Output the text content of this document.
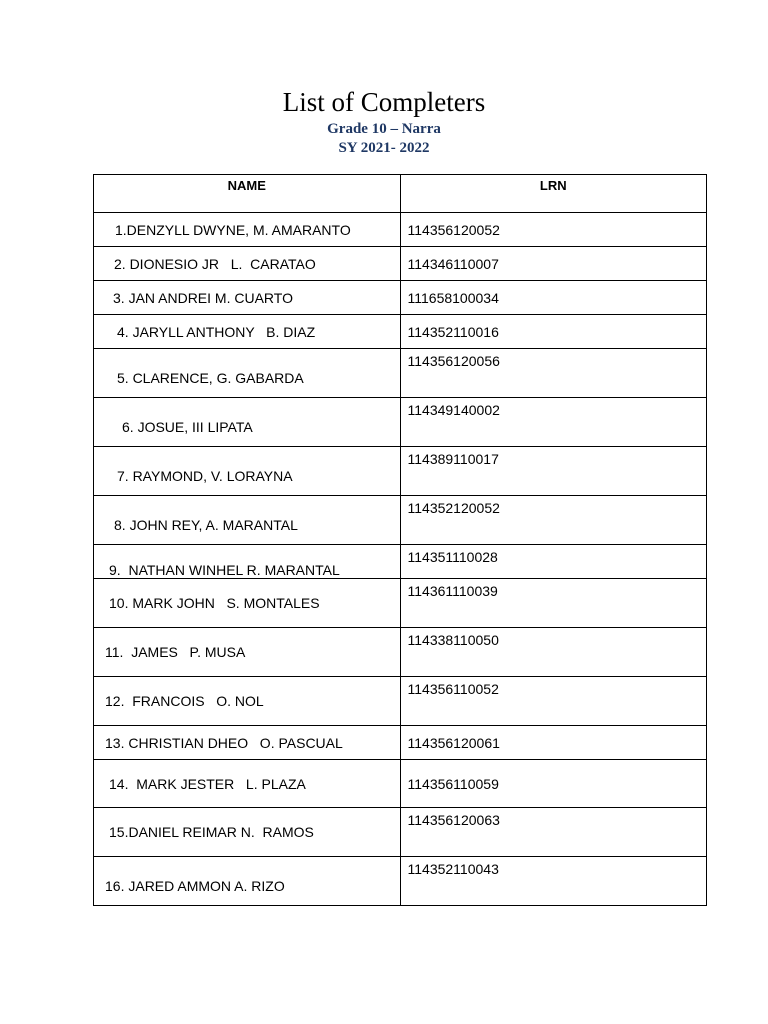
List of Completers
Grade 10 – Narra
SY 2021- 2022
NAME	LRN
1.DENZYLL DWYNE, M. AMARANTO	114356120052
2. DIONESIO JR   L.  CARATAO	114346110007
3. JAN ANDREI M. CUARTO	111658100034
4. JARYLL ANTHONY   B. DIAZ	114352110016
5. CLARENCE, G. GABARDA	114356120056
6. JOSUE, III LIPATA	114349140002
7. RAYMOND, V. LORAYNA	114389110017
8. JOHN REY, A. MARANTAL	114352120052
9.  NATHAN WINHEL R. MARANTAL	114351110028
10. MARK JOHN   S. MONTALES	114361110039
11.  JAMES   P. MUSA	114338110050
12.  FRANCOIS   O. NOL	114356110052
13. CHRISTIAN DHEO   O. PASCUAL	114356120061
14.  MARK JESTER   L. PLAZA	114356110059
15.DANIEL REIMAR N.  RAMOS	114356120063
16. JARED AMMON A. RIZO	114352110043
